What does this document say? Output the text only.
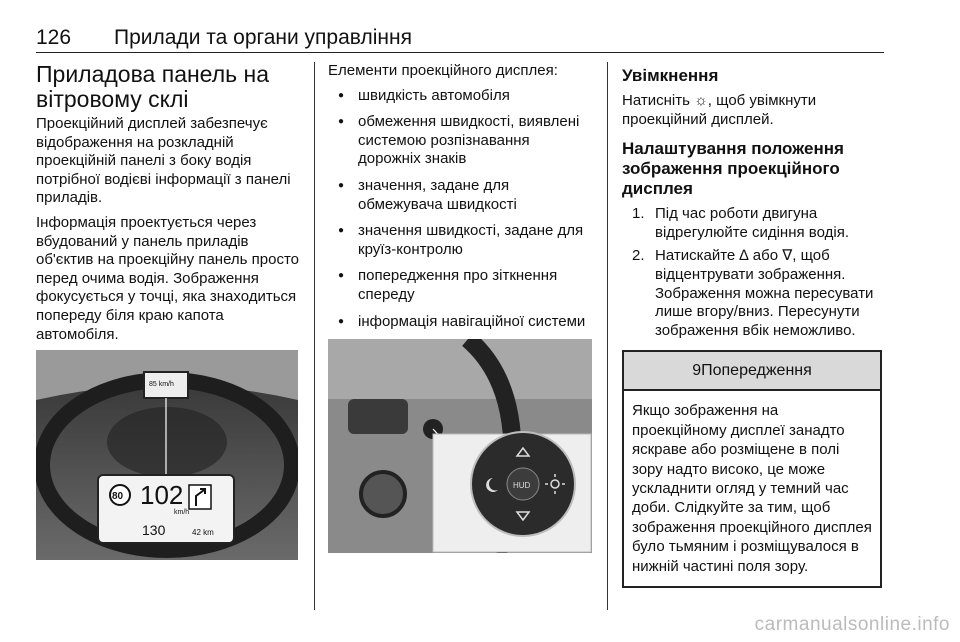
126 Прилади та органи управління
Приладова панель на
вітровому склі

Проекційний дисплей забезпечує відображення на розкладній проекційній панелі з боку водія потрібної водієві інформації з панелі приладів.

Інформація проектується через вбудований у панель приладів об'єктив на проекційну панель просто перед очима водія. Зображення фокусується у точці, яка знаходиться попереду біля краю капота автомобіля.

85 km/h
80 102
km/h
130	42 km

Елементи проекційного дисплея:

● швидкість автомобіля
● обмеження швидкості, виявлені системою розпізнавання дорожніх знаків
● значення, задане для обмежувача швидкості
● значення швидкості, задане для круїз-контролю
● попередження про зіткнення спереду
● інформація навігаційної системи
HUD
Увімкнення

Натисніть ☼, щоб увімкнути проекційний дисплей.

Налаштування положення зображення проекційного дисплея
1. Під час роботи двигуна відрегулюйте сидіння водія.
2. Натискайте ∆ або ∇, щоб відцентрувати зображення. Зображення можна пересувати лише вгору/вниз. Пересунути зображення вбік неможливо.
9Попередження
Якщо зображення на проекційному дисплеї занадто яскраве або розміщене в полі зору надто високо, це може ускладнити огляд у темний час доби. Слідкуйте за тим, щоб зображення проекційного дисплея було тьмяним і розміщувалося в нижній частині поля зору.
carmanualsonline.info
